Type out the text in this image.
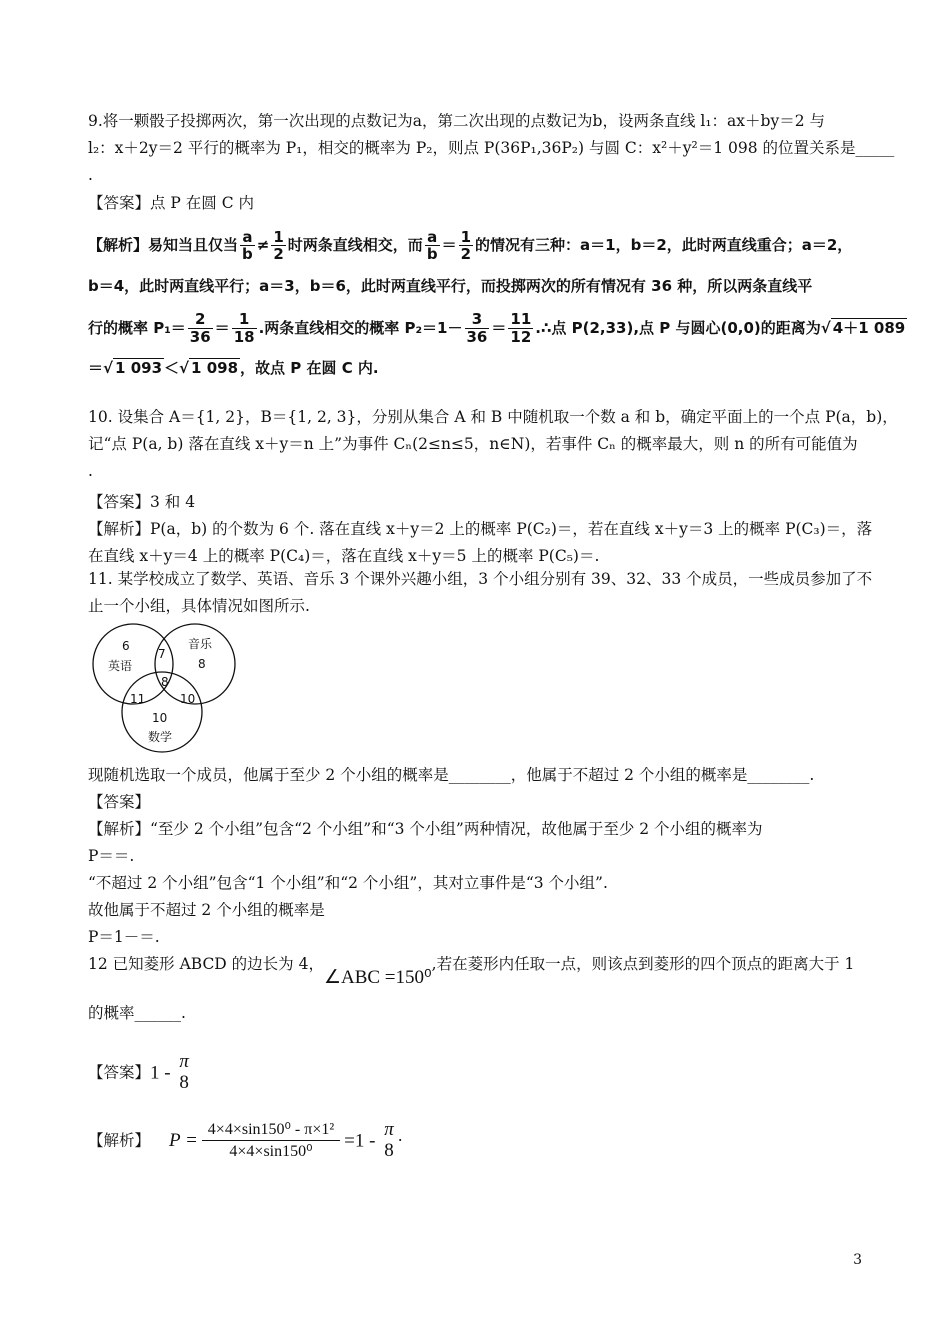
9.将一颗骰子投掷两次，第一次出现的点数记为a，第二次出现的点数记为b，设两条直线 l₁：ax＋by＝2 与
l₂：x＋2y＝2 平行的概率为 P₁，相交的概率为 P₂，则点 P(36P₁,36P₂) 与圆 C：x²＋y²＝1 098 的位置关系是_____
.
【答案】点 P 在圆 C 内
【解析】易知当且仅当 $\frac{a}{b} \ne \frac{1}{2}$ 时两条直线相交，而 $\frac{a}{b} = \frac{1}{2}$ 的情况有三种：a＝1，b＝2，此时两直线重合；a＝2，
b＝4，此时两直线平行；a＝3，b＝6，此时两直线平行，而投掷两次的所有情况有 36 种，所以两条直线平
行的概率 $P_1= \frac{2}{36} = \frac{1}{18}$ .两条直线相交的概率 $P_2=1- \frac{3}{36} = \frac{11}{12}$ .∴点 P(2,33),点 P 与圆心(0,0)的距离为√ 4＋1 089
＝√ 1 093 ＜√ 1 098 ，故点 P 在圆 C 内.
10. 设集合 A＝{1, 2}，B＝{1, 2, 3}，分别从集合 A 和 B 中随机取一个数 a 和 b，确定平面上的一个点 P(a，b)，
记“点 P(a, b) 落在直线 x＋y＝n 上”为事件 Cₙ(2≤n≤5，n∈N)，若事件 Cₙ 的概率最大，则 n 的所有可能值为
.
【答案】3 和 4
【解析】P(a，b) 的个数为 6 个. 落在直线 x＋y＝2 上的概率 P(C₂)＝，若在直线 x＋y＝3 上的概率 P(C₃)＝，落
在直线 x＋y＝4 上的概率 P(C₄)＝，落在直线 x＋y＝5 上的概率 P(C₅)＝.
11. 某学校成立了数学、英语、音乐 3 个课外兴趣小组，3 个小组分别有 39、32、33 个成员，一些成员参加了不
止一个小组，具体情况如图所示.
6
英语
音乐
8
7
8
11	10
10
数学
现随机选取一个成员，他属于至少 2 个小组的概率是________，他属于不超过 2 个小组的概率是________.
【答案】
【解析】“至少 2 个小组”包含“2 个小组”和“3 个小组”两种情况，故他属于至少 2 个小组的概率为
P＝＝.
“不超过 2 个小组”包含“1 个小组”和“2 个小组”，其对立事件是“3 个小组”.
故他属于不超过 2 个小组的概率是
P＝1－＝.
12 已知菱形 ABCD 的边长为 4，∠ABC =150⁰,若在菱形内任取一点，则该点到菱形的四个顶点的距离大于 1
的概率______.
【答案】1 -
π
8
【解析】 $P = \frac{\text{4×4×sin150⁰ - π×1²}}{\text{4×4×sin150⁰}} =1$ -
π
8 ·
3
